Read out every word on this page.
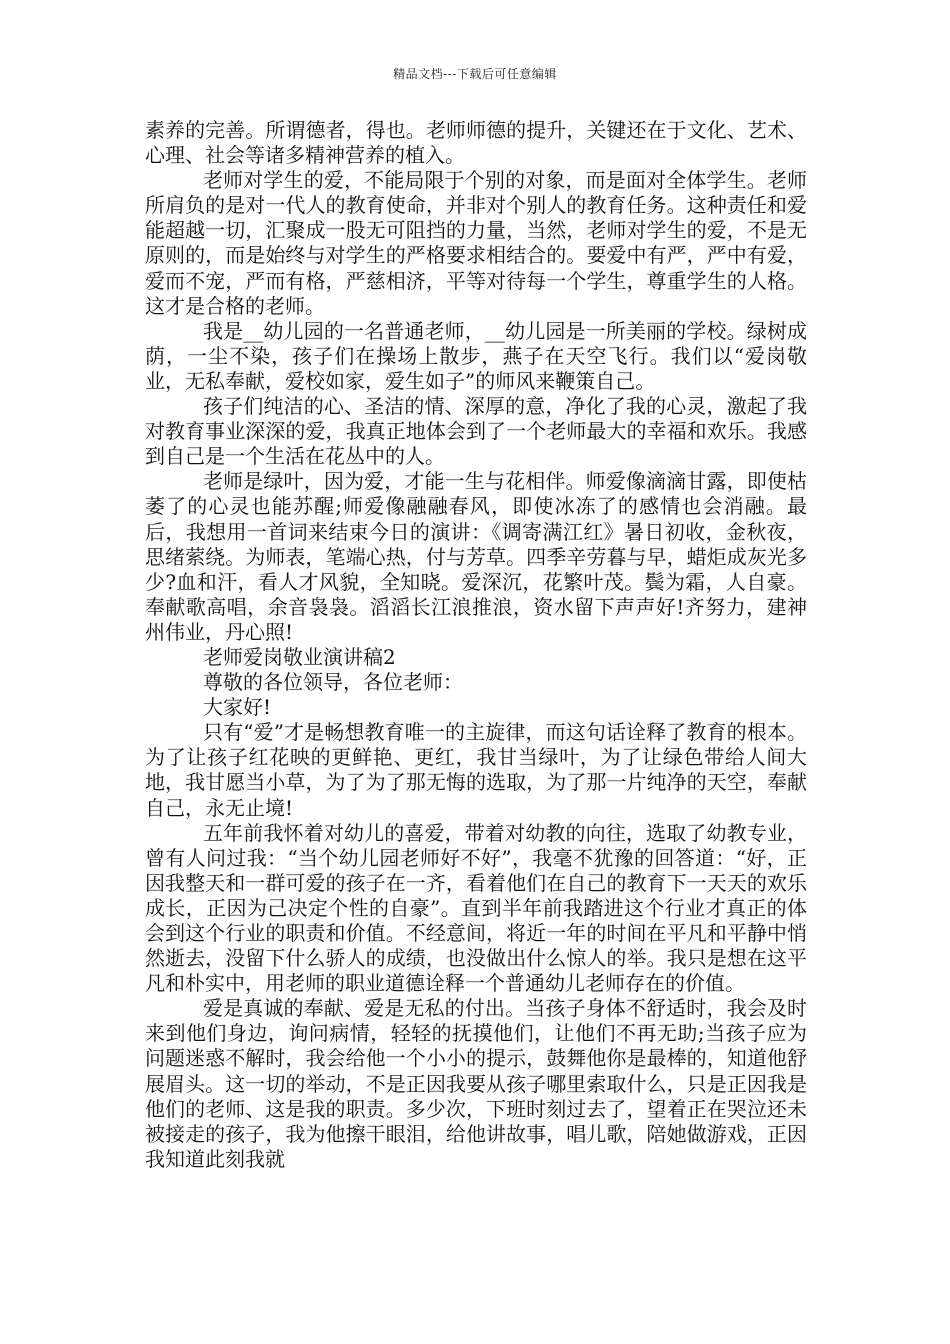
精品文档---下载后可任意编辑

素养的完善。所谓德者，得也。老师师德的提升，关键还在于文化、艺术、心理、社会等诸多精神营养的植入。

老师对学生的爱，不能局限于个别的对象，而是面对全体学生。老师所肩负的是对一代人的教育使命，并非对个别人的教育任务。这种责任和爱能超越一切，汇聚成一股无可阻挡的力量，当然，老师对学生的爱，不是无原则的，而是始终与对学生的严格要求相结合的。要爱中有严，严中有爱，爱而不宠，严而有格，严慈相济，平等对待每一个学生，尊重学生的人格。这才是合格的老师。

我是__幼儿园的一名普通老师，__幼儿园是一所美丽的学校。绿树成荫，一尘不染，孩子们在操场上散步，燕子在天空飞行。我们以“爱岗敬业，无私奉献，爱校如家，爱生如子”的师风来鞭策自己。

孩子们纯洁的心、圣洁的情、深厚的意，净化了我的心灵，激起了我对教育事业深深的爱，我真正地体会到了一个老师最大的幸福和欢乐。我感到自己是一个生活在花丛中的人。

老师是绿叶，因为爱，才能一生与花相伴。师爱像滴滴甘露，即使枯萎了的心灵也能苏醒;师爱像融融春风，即使冰冻了的感情也会消融。最后，我想用一首词来结束今日的演讲：《调寄满江红》暑日初收，金秋夜，思绪萦绕。为师表，笔端心热，付与芳草。四季辛劳暮与早，蜡炬成灰光多少?血和汗，看人才风貌，全知晓。爱深沉，花繁叶茂。鬓为霜，人自豪。奉献歌高唱，余音袅袅。滔滔长江浪推浪，资水留下声声好!齐努力，建神州伟业，丹心照!

老师爱岗敬业演讲稿2

尊敬的各位领导，各位老师：

大家好!

只有“爱”才是畅想教育唯一的主旋律，而这句话诠释了教育的根本。为了让孩子红花映的更鲜艳、更红，我甘当绿叶，为了让绿色带给人间大地，我甘愿当小草，为了为了那无悔的选取，为了那一片纯净的天空，奉献自己，永无止境!

五年前我怀着对幼儿的喜爱，带着对幼教的向往，选取了幼教专业，曾有人问过我：“当个幼儿园老师好不好”，我毫不犹豫的回答道：“好，正因我整天和一群可爱的孩子在一齐，看着他们在自己的教育下一天天的欢乐成长，正因为己决定个性的自豪”。直到半年前我踏进这个行业才真正的体会到这个行业的职责和价值。不经意间，将近一年的时间在平凡和平静中悄然逝去，没留下什么骄人的成绩，也没做出什么惊人的举。我只是想在这平凡和朴实中，用老师的职业道德诠释一个普通幼儿老师存在的价值。

爱是真诚的奉献、爱是无私的付出。当孩子身体不舒适时，我会及时来到他们身边，询问病情，轻轻的抚摸他们，让他们不再无助;当孩子应为问题迷惑不解时，我会给他一个小小的提示，鼓舞他你是最棒的，知道他舒展眉头。这一切的举动，不是正因我要从孩子哪里索取什么，只是正因我是他们的老师、这是我的职责。多少次，下班时刻过去了，望着正在哭泣还未被接走的孩子，我为他擦干眼泪，给他讲故事，唱儿歌，陪她做游戏，正因我知道此刻我就
